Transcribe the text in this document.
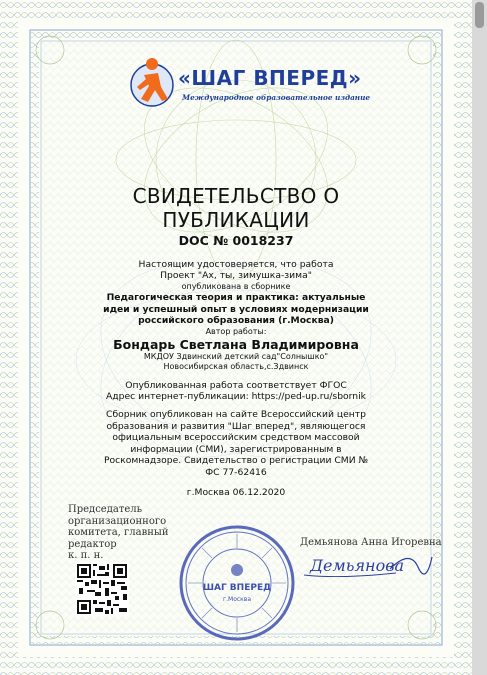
«ШАГ ВПЕРЕД»
Международное образовательное издание
СВИДЕТЕЛЬСТВО О
ПУБЛИКАЦИИ
DOC № 0018237
Настоящим удостоверяется, что работа
Проект "Ах, ты, зимушка-зима"
опубликована в сборнике
Педагогическая теория и практика: актуальные
идеи и успешный опыт в условиях модернизации
российского образования (г.Москва)
Автор работы:
Бондарь Светлана Владимировна
МКДОУ Здвинский детский сад"Солнышко"
Новосибирская область,с.Здвинск
Опубликованная работа соответствует ФГОС
Адрес интернет-публикации: https://ped-up.ru/sbornik
Сборник опубликован на сайте Всероссийский центр
образования и развития "Шаг вперед", являющегося
официальным всероссийским средством массовой
информации (СМИ), зарегистрированным в
Роскомнадзоре. Свидетельство о регистрации СМИ №
ФС 77-62416
г.Москва 06.12.2020
Председатель
организационного
комитета, главный редактор
к. п. н.
Демьянова Анна Игоревна
Демьянова
ШАГ ВПЕРЕД
г.Москва
